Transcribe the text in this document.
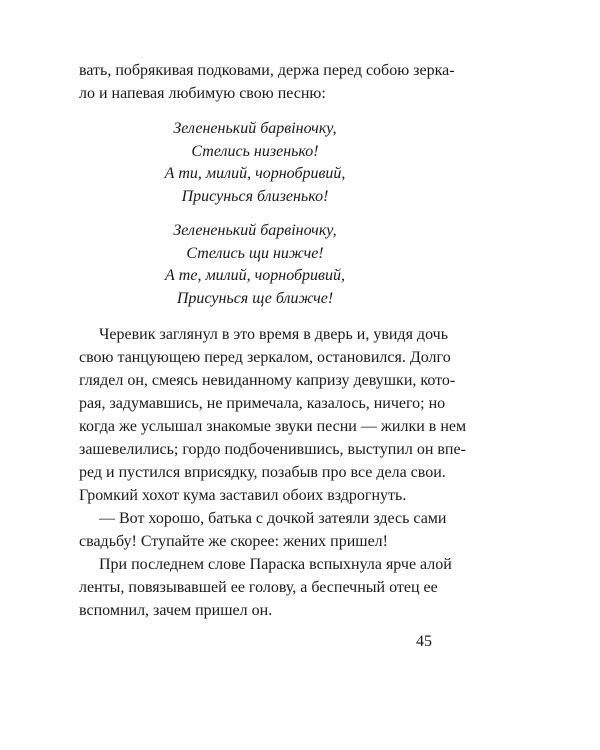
вать, побрякивая подковами, держа перед собою зерка-
ло и напевая любимую свою песню:
Зелененький барвіночку,
Стелись низенько!
А ти, милий, чорнобривий,
Присунься близенько!
Зелененький барвіночку,
Стелись щи нижче!
А те, милий, чорнобривий,
Присунься ще ближче!
Черевик заглянул в это время в дверь и, увидя дочь
свою танцующею перед зеркалом, остановился. Долго
глядел он, смеясь невиданному капризу девушки, кото-
рая, задумавшись, не примечала, казалось, ничего; но
когда же услышал знакомые звуки песни — жилки в нем
зашевелились; гордо подбоченившись, выступил он впе-
ред и пустился вприсядку, позабыв про все дела свои.
Громкий хохот кума заставил обоих вздрогнуть.
— Вот хорошо, батька с дочкой затеяли здесь сами
свадьбу! Ступайте же скорее: жених пришел!
При последнем слове Параска вспыхнула ярче алой
ленты, повязывавшей ее голову, а беспечный отец ее
вспомнил, зачем пришел он.
45
